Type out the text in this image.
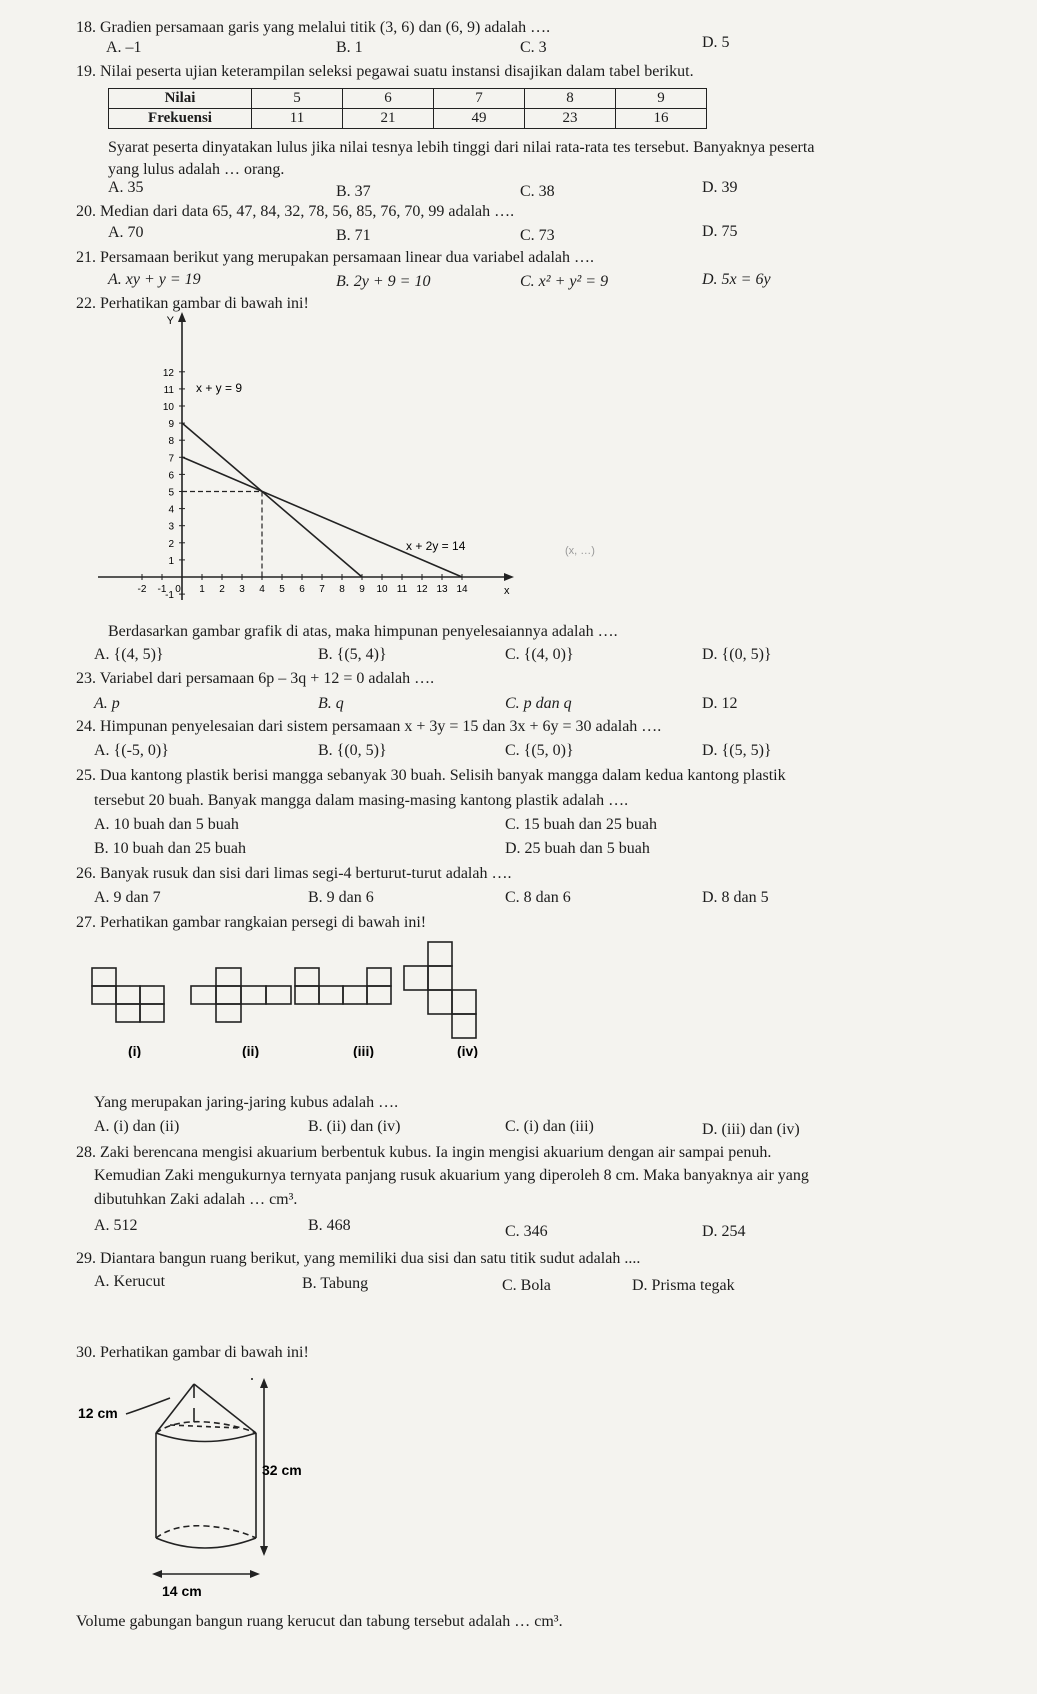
18. Gradien persamaan garis yang melalui titik (3, 6) dan (6, 9) adalah ….
A. –1	B. 1	C. 3	D. 5
19. Nilai peserta ujian keterampilan seleksi pegawai suatu instansi disajikan dalam tabel berikut.
Nilai	5	6	7	8	9
Frekuensi	11	21	49	23	16
Syarat peserta dinyatakan lulus jika nilai tesnya lebih tinggi dari nilai rata-rata tes tersebut. Banyaknya peserta
yang lulus adalah … orang.
A. 35	B. 37	C. 38	D. 39
20. Median dari data 65, 47, 84, 32, 78, 56, 85, 76, 70, 99 adalah ….
A. 70	B. 71	C. 73	D. 75
21. Persamaan berikut yang merupakan persamaan linear dua variabel adalah ….
A. xy + y = 19	B. 2y + 9 = 10	C. x² + y² = 9	D. 5x = 6y
22. Perhatikan gambar di bawah ini!
Y
x
-2 -1 0 1 2 3 4 5 6 7 8 9 10 11 12 13 14
-1
1
2
3
4
5
6
7
8
9
10
11
12
x + y = 9
x + 2y = 14	(x, …)
Berdasarkan gambar grafik di atas, maka himpunan penyelesaiannya adalah ….
A. {(4, 5)}	B. {(5, 4)}	C. {(4, 0)}	D. {(0, 5)}
23. Variabel dari persamaan 6p – 3q + 12 = 0 adalah ….
A. p	B. q	C. p dan q	D. 12
24. Himpunan penyelesaian dari sistem persamaan x + 3y = 15 dan 3x + 6y = 30 adalah ….
A. {(-5, 0)}	B. {(0, 5)}	C. {(5, 0)}	D. {(5, 5)}
25. Dua kantong plastik berisi mangga sebanyak 30 buah. Selisih banyak mangga dalam kedua kantong plastik
tersebut 20 buah. Banyak mangga dalam masing-masing kantong plastik adalah ….
A. 10 buah dan 5 buah	C. 15 buah dan 25 buah
B. 10 buah dan 25 buah	D. 25 buah dan 5 buah
26. Banyak rusuk dan sisi dari limas segi-4 berturut-turut adalah ….
A. 9 dan 7	B. 9 dan 6	C. 8 dan 6	D. 8 dan 5
27. Perhatikan gambar rangkaian persegi di bawah ini!
(i)	(ii)	(iii)	(iv)
Yang merupakan jaring-jaring kubus adalah ….
A. (i) dan (ii)	B. (ii) dan (iv)	C. (i) dan (iii)	D. (iii) dan (iv)
28. Zaki berencana mengisi akuarium berbentuk kubus. Ia ingin mengisi akuarium dengan air sampai penuh.
Kemudian Zaki mengukurnya ternyata panjang rusuk akuarium yang diperoleh 8 cm. Maka banyaknya air yang
dibutuhkan Zaki adalah … cm³.
A. 512	B. 468	C. 346	D. 254
29. Diantara bangun ruang berikut, yang memiliki dua sisi dan satu titik sudut adalah ....
A. Kerucut	B. Tabung	C. Bola	D. Prisma tegak
30. Perhatikan gambar di bawah ini!
12 cm
32 cm
14 cm
Volume gabungan bangun ruang kerucut dan tabung tersebut adalah … cm³.
